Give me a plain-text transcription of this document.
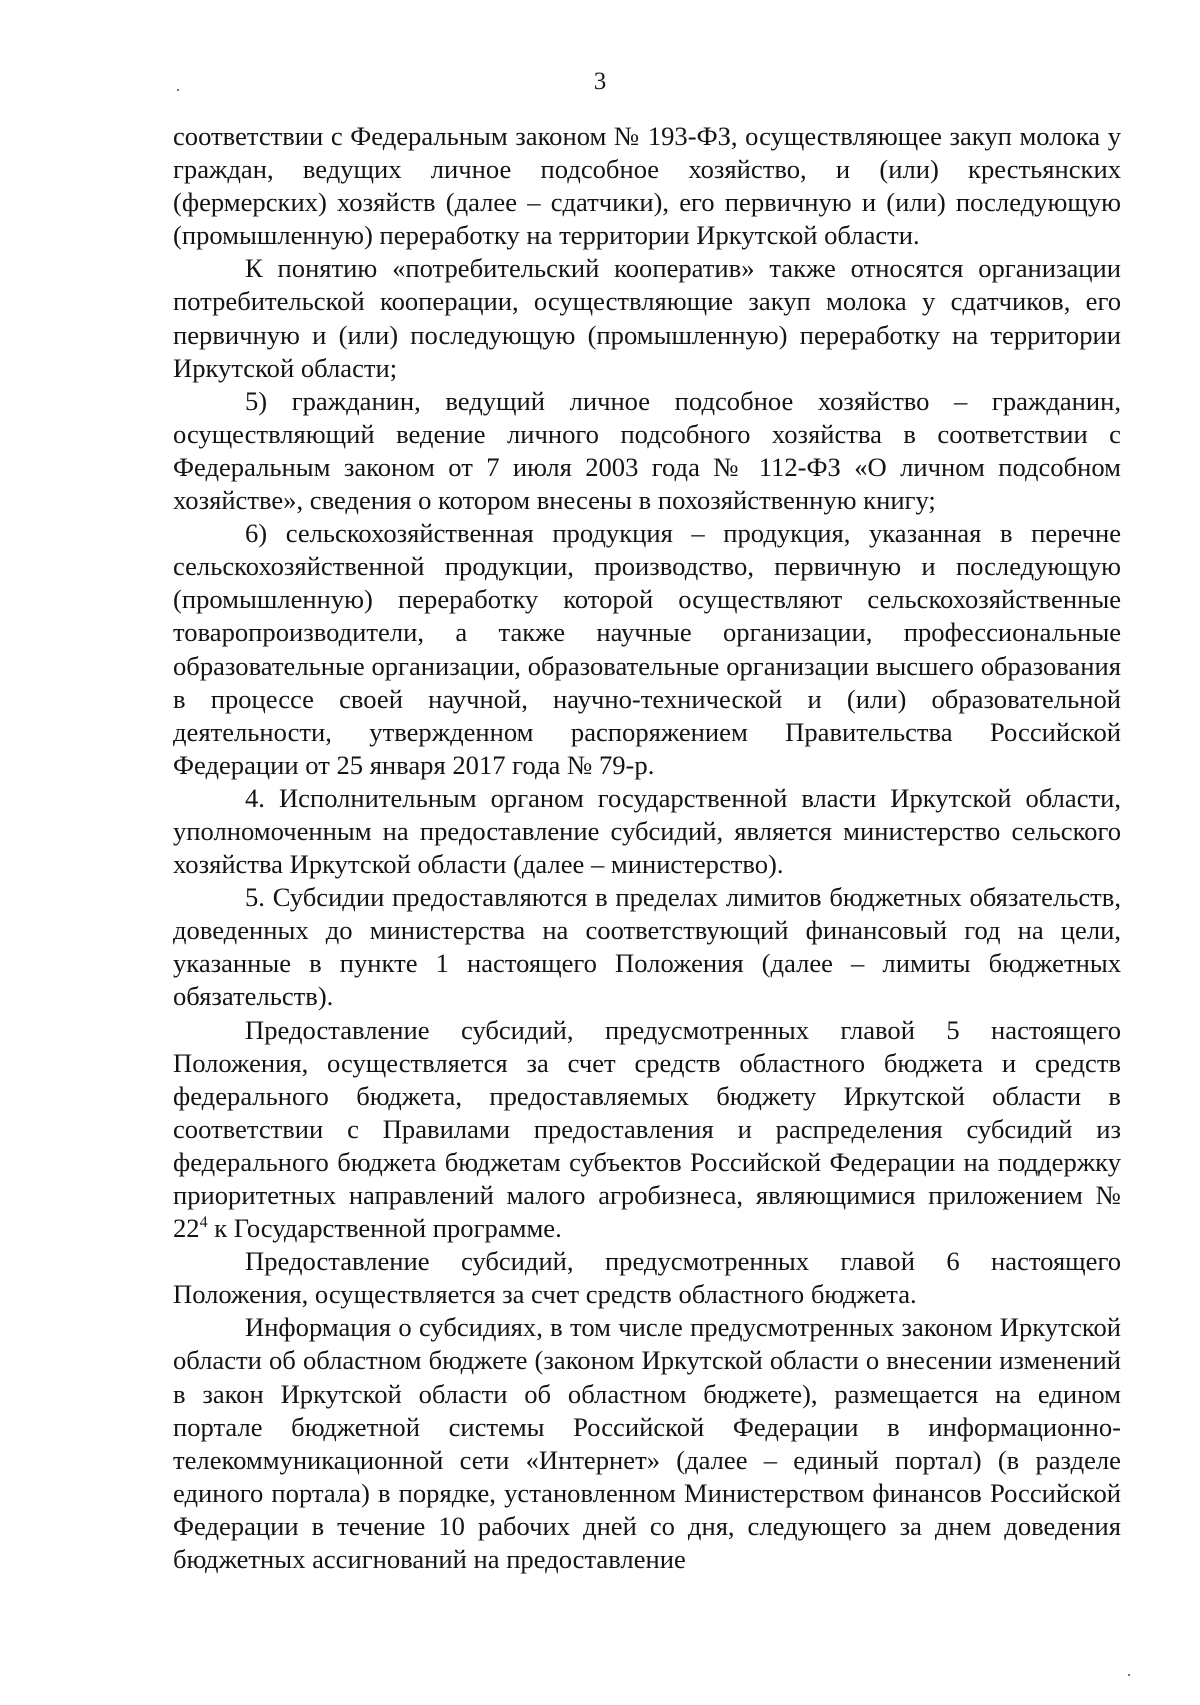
3

соответствии с Федеральным законом № 193-ФЗ, осуществляющее закуп молока у граждан, ведущих личное подсобное хозяйство, и (или) крестьянских (фермерских) хозяйств (далее – сдатчики), его первичную и (или) последующую (промышленную) переработку на территории Иркутской области.

К понятию «потребительский кооператив» также относятся организации потребительской кооперации, осуществляющие закуп молока у сдатчиков, его первичную и (или) последующую (промышленную) переработку на территории Иркутской области;

5) гражданин, ведущий личное подсобное хозяйство – гражданин, осуществляющий ведение личного подсобного хозяйства в соответствии с Федеральным законом от 7 июля 2003 года № 112-ФЗ «О личном подсобном хозяйстве», сведения о котором внесены в похозяйственную книгу;

6) сельскохозяйственная продукция – продукция, указанная в перечне сельскохозяйственной продукции, производство, первичную и последующую (промышленную) переработку которой осуществляют сельскохозяйственные товаропроизводители, а также научные организации, профессиональные образовательные организации, образовательные организации высшего образования в процессе своей научной, научно-технической и (или) образовательной деятельности, утвержденном распоряжением Правительства Российской Федерации от 25 января 2017 года № 79-р.

4. Исполнительным органом государственной власти Иркутской области, уполномоченным на предоставление субсидий, является министерство сельского хозяйства Иркутской области (далее – министерство).

5. Субсидии предоставляются в пределах лимитов бюджетных обязательств, доведенных до министерства на соответствующий финансовый год на цели, указанные в пункте 1 настоящего Положения (далее – лимиты бюджетных обязательств).

Предоставление субсидий, предусмотренных главой 5 настоящего Положения, осуществляется за счет средств областного бюджета и средств федерального бюджета, предоставляемых бюджету Иркутской области в соответствии с Правилами предоставления и распределения субсидий из федерального бюджета бюджетам субъектов Российской Федерации на поддержку приоритетных направлений малого агробизнеса, являющимися приложением № $22^4$ к Государственной программе.

Предоставление субсидий, предусмотренных главой 6 настоящего Положения, осуществляется за счет средств областного бюджета.

Информация о субсидиях, в том числе предусмотренных законом Иркутской области об областном бюджете (законом Иркутской области о внесении изменений в закон Иркутской области об областном бюджете), размещается на едином портале бюджетной системы Российской Федерации в информационно-телекоммуникационной сети «Интернет» (далее – единый портал) (в разделе единого портала) в порядке, установленном Министерством финансов Российской Федерации в течение 10 рабочих дней со дня, следующего за днем доведения бюджетных ассигнований на предоставление
